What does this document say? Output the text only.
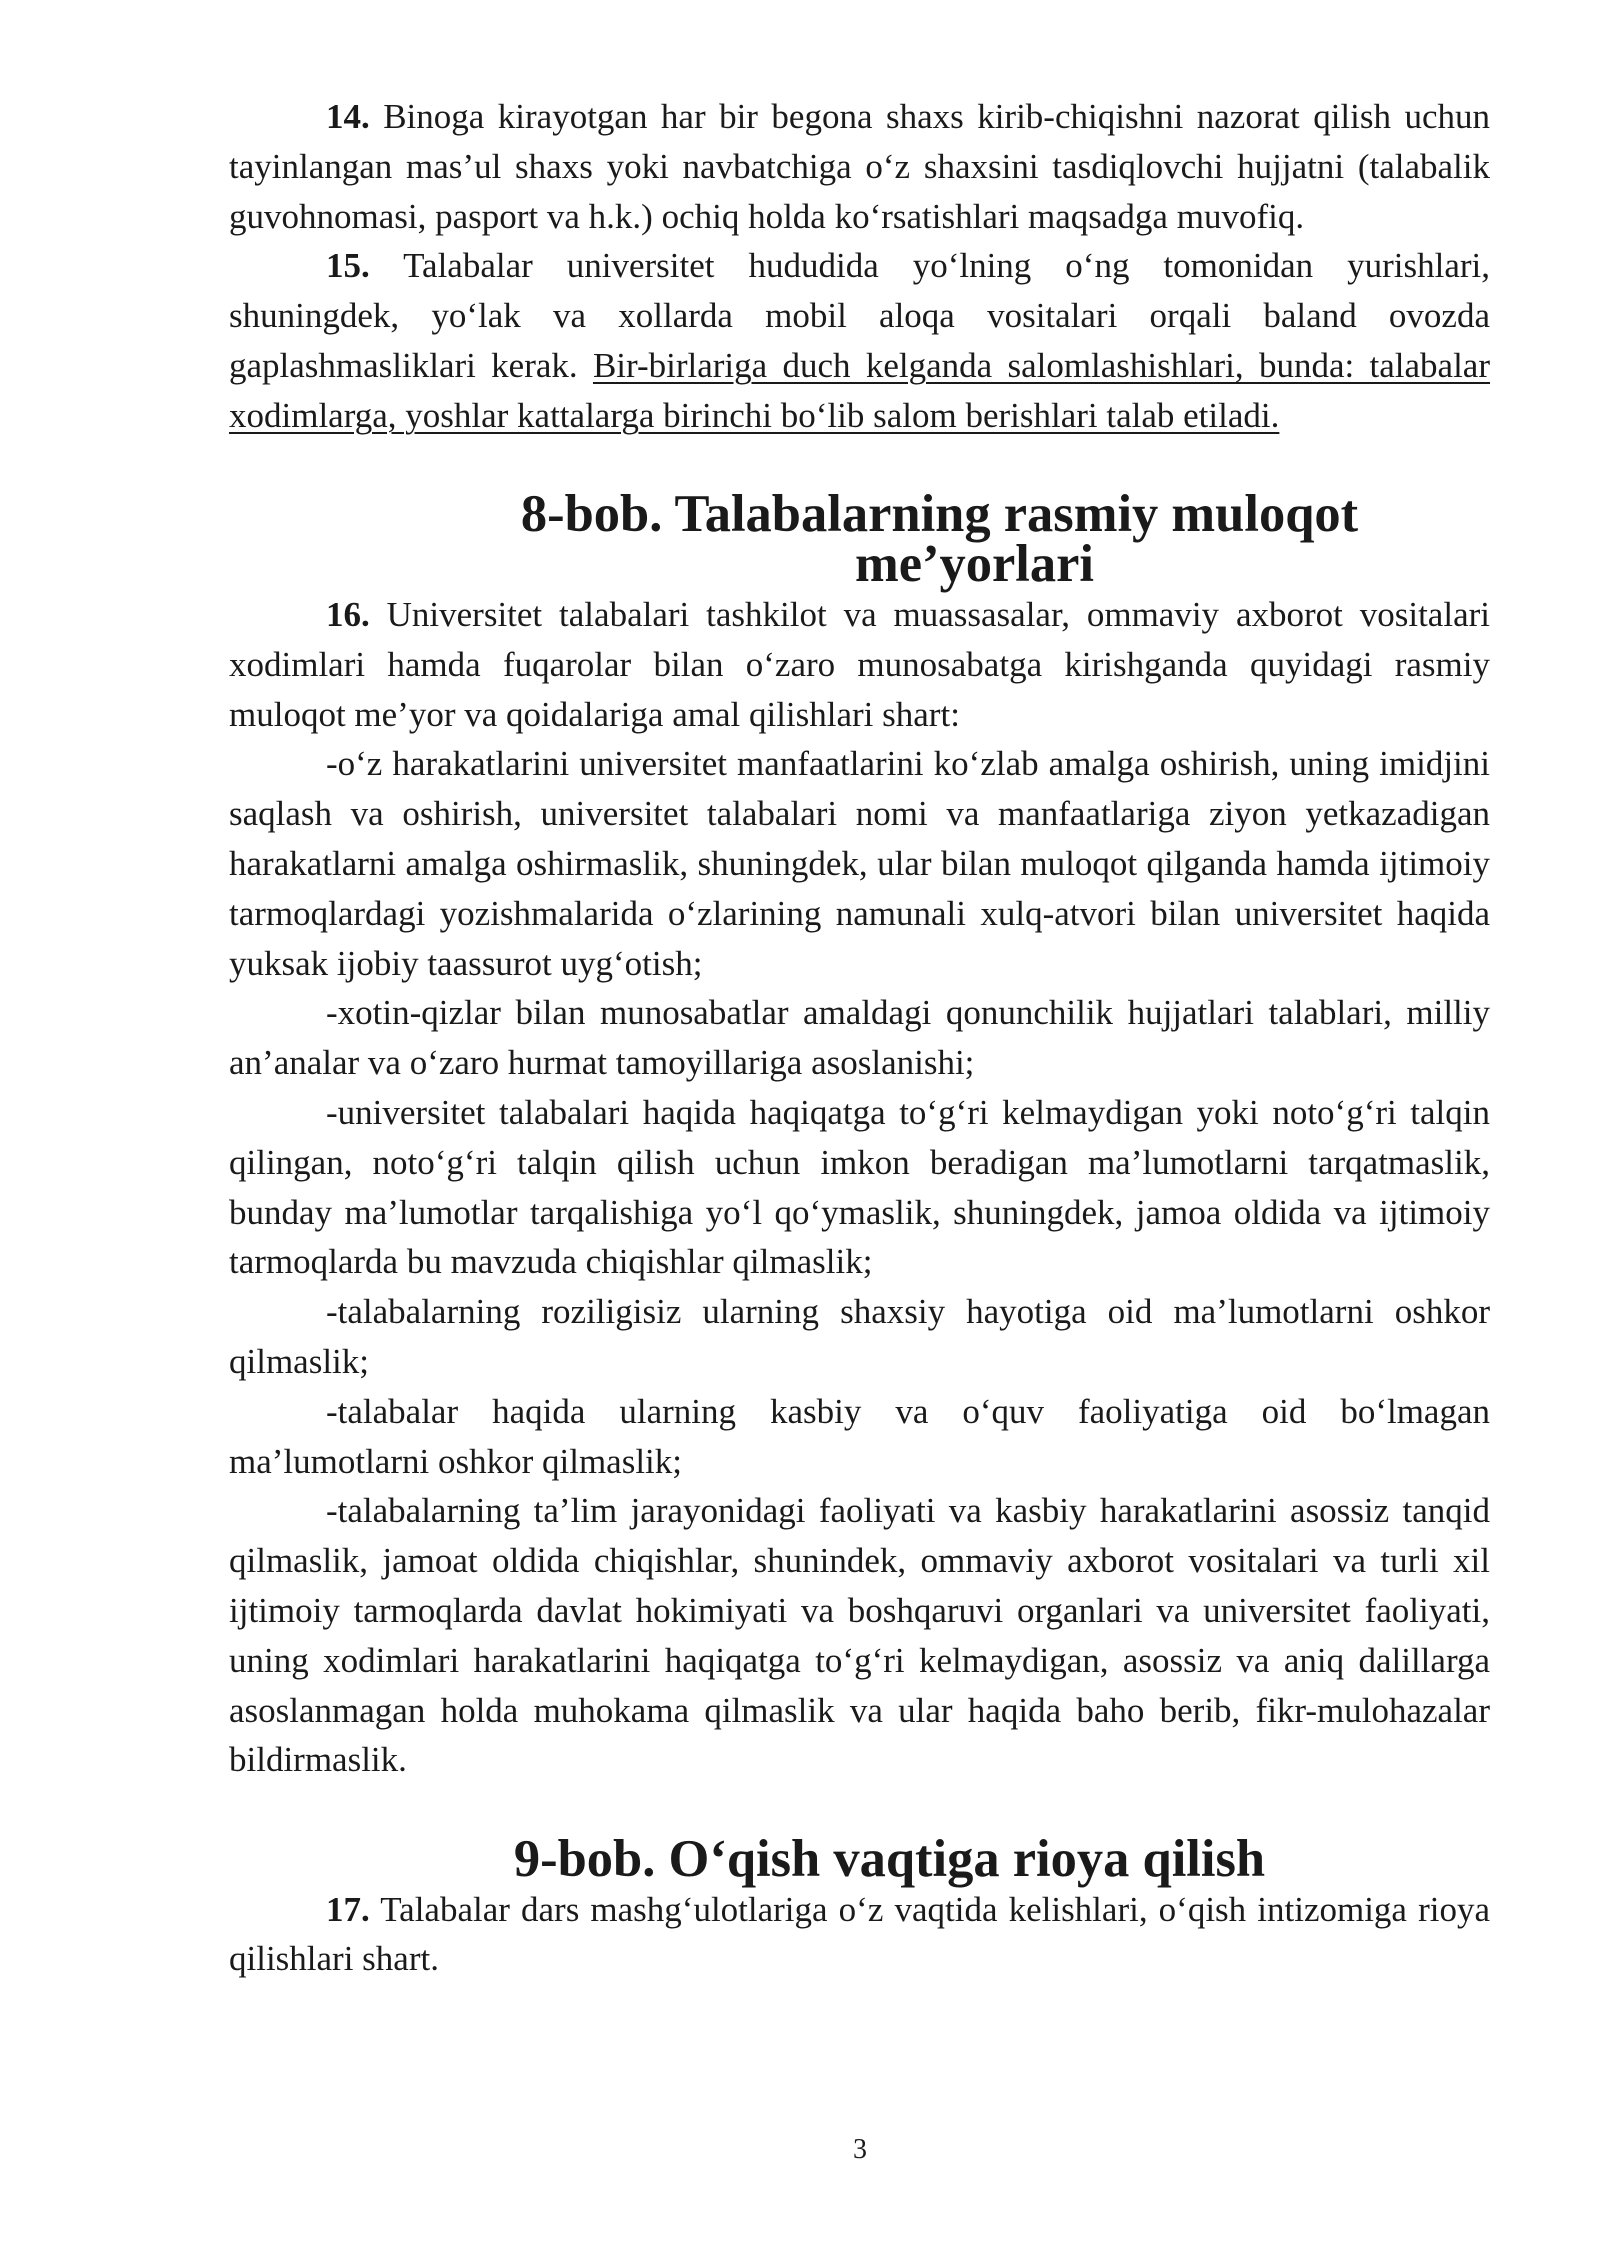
14. Binoga kirayotgan har bir begona shaxs kirib-chiqishni nazorat qilish uchun tayinlangan mas’ul shaxs yoki navbatchiga o‘z shaxsini tasdiqlovchi hujjatni (talabalik guvohnomasi, pasport va h.k.) ochiq holda ko‘rsatishlari maqsadga muvofiq.

15. Talabalar universitet hududida yo‘lning o‘ng tomonidan yurishlari, shuningdek, yo‘lak va xollarda mobil aloqa vositalari orqali baland ovozda gaplashmasliklari kerak. Bir-birlariga duch kelganda salomlashishlari, bunda: talabalar xodimlarga, yoshlar kattalarga birinchi bo‘lib salom berishlari talab etiladi.

8-bob. Talabalarning rasmiy muloqot
me’yorlari

16. Universitet talabalari tashkilot va muassasalar, ommaviy axborot vositalari xodimlari hamda fuqarolar bilan o‘zaro munosabatga kirishganda quyidagi rasmiy muloqot me’yor va qoidalariga amal qilishlari shart:

-o‘z harakatlarini universitet manfaatlarini ko‘zlab amalga oshirish, uning imidjini saqlash va oshirish, universitet talabalari nomi va manfaatlariga ziyon yetkazadigan harakatlarni amalga oshirmaslik, shuningdek, ular bilan muloqot qilganda hamda ijtimoiy tarmoqlardagi yozishmalarida o‘zlarining namunali xulq-atvori bilan universitet haqida yuksak ijobiy taassurot uyg‘otish;

-xotin-qizlar bilan munosabatlar amaldagi qonunchilik hujjatlari talablari, milliy an’analar va o‘zaro hurmat tamoyillariga asoslanishi;

-universitet talabalari haqida haqiqatga to‘g‘ri kelmaydigan yoki noto‘g‘ri talqin qilingan, noto‘g‘ri talqin qilish uchun imkon beradigan ma’lumotlarni tarqatmaslik, bunday ma’lumotlar tarqalishiga yo‘l qo‘ymaslik, shuningdek, jamoa oldida va ijtimoiy tarmoqlarda bu mavzuda chiqishlar qilmaslik;

-talabalarning roziligisiz ularning shaxsiy hayotiga oid ma’lumotlarni oshkor qilmaslik;

-talabalar haqida ularning kasbiy va o‘quv faoliyatiga oid bo‘lmagan ma’lumotlarni oshkor qilmaslik;

-talabalarning ta’lim jarayonidagi faoliyati va kasbiy harakatlarini asossiz tanqid qilmaslik, jamoat oldida chiqishlar, shunindek, ommaviy axborot vositalari va turli xil ijtimoiy tarmoqlarda davlat hokimiyati va boshqaruvi organlari va universitet faoliyati, uning xodimlari harakatlarini haqiqatga to‘g‘ri kelmaydigan, asossiz va aniq dalillarga asoslanmagan holda muhokama qilmaslik va ular haqida baho berib, fikr-mulohazalar bildirmaslik.

9-bob. O‘qish vaqtiga rioya qilish

17. Talabalar dars mashg‘ulotlariga o‘z vaqtida kelishlari, o‘qish intizomiga rioya qilishlari shart.

3
